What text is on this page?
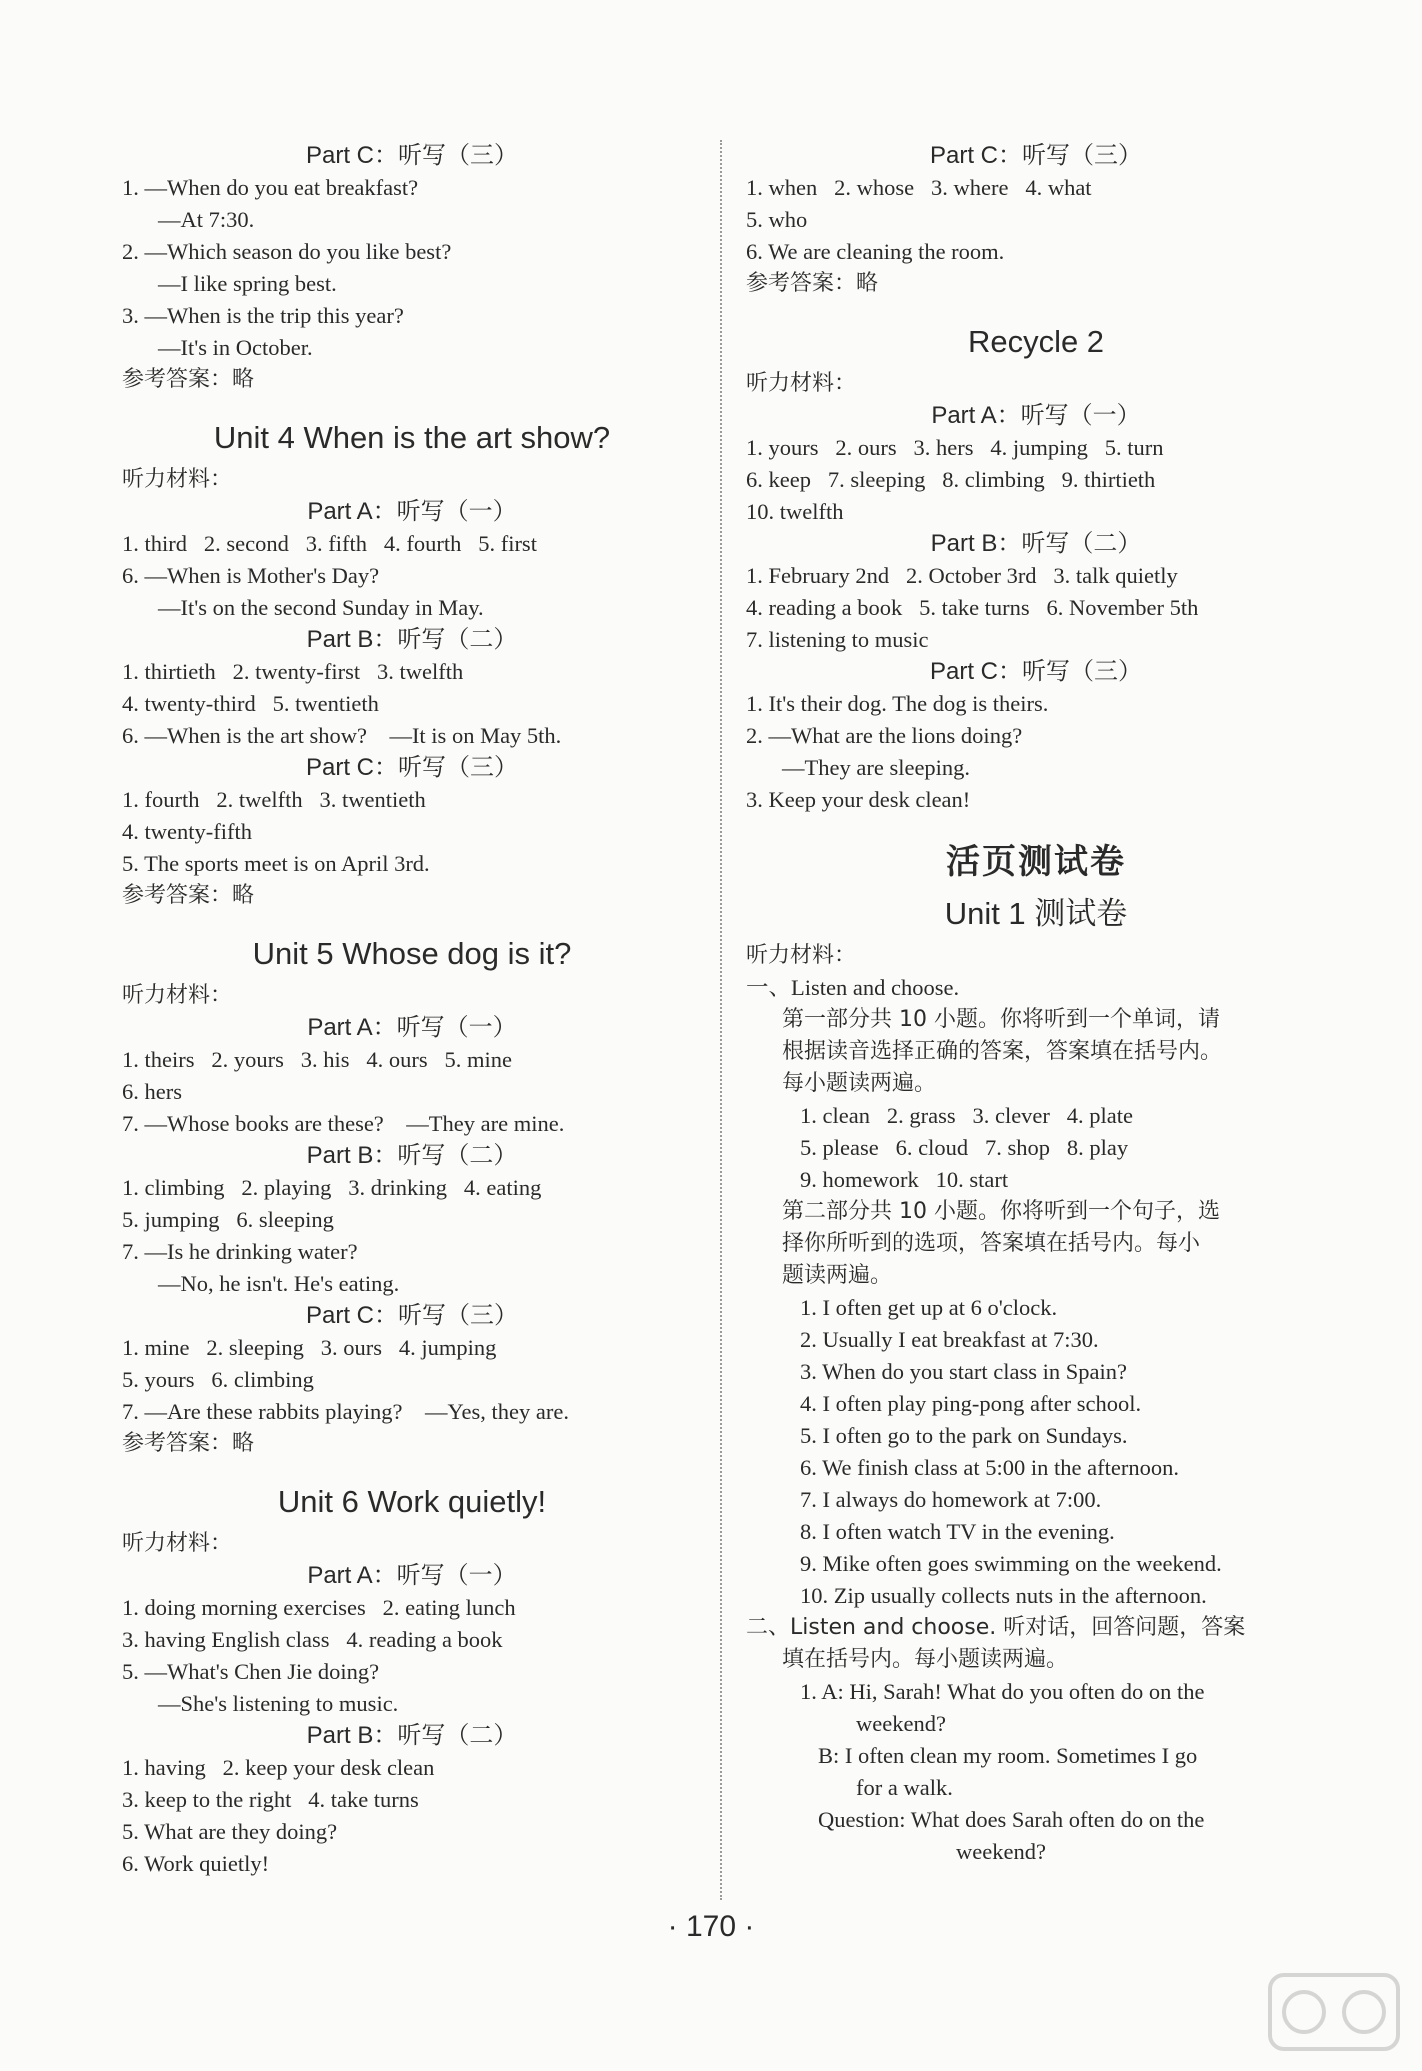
Part C：听写（三）
1. —When do you eat breakfast?
—At 7:30.
2. —Which season do you like best?
—I like spring best.
3. —When is the trip this year?
—It's in October.
参考答案：略
Unit 4 When is the art show?
听力材料：
Part A：听写（一）
1. third   2. second   3. fifth   4. fourth   5. first
6. —When is Mother's Day?
—It's on the second Sunday in May.
Part B：听写（二）
1. thirtieth   2. twenty-first   3. twelfth
4. twenty-third   5. twentieth
6. —When is the art show?    —It is on May 5th.
Part C：听写（三）
1. fourth   2. twelfth   3. twentieth
4. twenty-fifth
5. The sports meet is on April 3rd.
参考答案：略
Unit 5 Whose dog is it?
听力材料：
Part A：听写（一）
1. theirs   2. yours   3. his   4. ours   5. mine
6. hers
7. —Whose books are these?    —They are mine.
Part B：听写（二）
1. climbing   2. playing   3. drinking   4. eating
5. jumping   6. sleeping
7. —Is he drinking water?
—No, he isn't. He's eating.
Part C：听写（三）
1. mine   2. sleeping   3. ours   4. jumping
5. yours   6. climbing
7. —Are these rabbits playing?    —Yes, they are.
参考答案：略
Unit 6 Work quietly!
听力材料：
Part A：听写（一）
1. doing morning exercises   2. eating lunch
3. having English class   4. reading a book
5. —What's Chen Jie doing?
—She's listening to music.
Part B：听写（二）
1. having   2. keep your desk clean
3. keep to the right   4. take turns
5. What are they doing?
6. Work quietly!
Part C：听写（三）
1. when   2. whose   3. where   4. what
5. who
6. We are cleaning the room.
参考答案：略
Recycle 2
听力材料：
Part A：听写（一）
1. yours   2. ours   3. hers   4. jumping   5. turn
6. keep   7. sleeping   8. climbing   9. thirtieth
10. twelfth
Part B：听写（二）
1. February 2nd   2. October 3rd   3. talk quietly
4. reading a book   5. take turns   6. November 5th
7. listening to music
Part C：听写（三）
1. It's their dog. The dog is theirs.
2. —What are the lions doing?
—They are sleeping.
3. Keep your desk clean!
活页测试卷
Unit 1 测试卷
听力材料：
一、Listen and choose.
第一部分共 10 小题。你将听到一个单词，请
根据读音选择正确的答案，答案填在括号内。
每小题读两遍。
1. clean   2. grass   3. clever   4. plate
5. please   6. cloud   7. shop   8. play
9. homework   10. start
第二部分共 10 小题。你将听到一个句子，选
择你所听到的选项，答案填在括号内。每小
题读两遍。
1. I often get up at 6 o'clock.
2. Usually I eat breakfast at 7:30.
3. When do you start class in Spain?
4. I often play ping-pong after school.
5. I often go to the park on Sundays.
6. We finish class at 5:00 in the afternoon.
7. I always do homework at 7:00.
8. I often watch TV in the evening.
9. Mike often goes swimming on the weekend.
10. Zip usually collects nuts in the afternoon.
二、Listen and choose. 听对话，回答问题，答案
填在括号内。每小题读两遍。
1. A: Hi, Sarah! What do you often do on the
weekend?
B: I often clean my room. Sometimes I go
for a walk.
Question: What does Sarah often do on the
weekend?
· 170 ·
